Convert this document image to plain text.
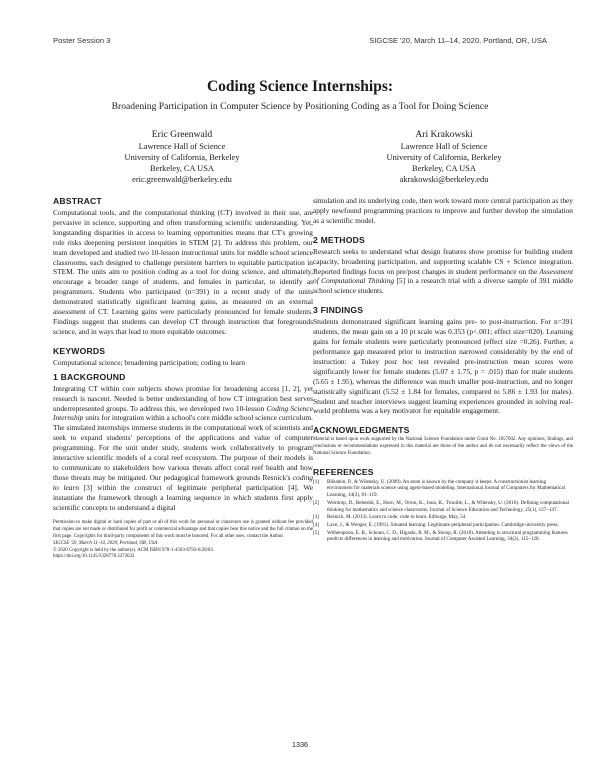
Poster Session 3	SIGCSE '20, March 11–14, 2020, Portland, OR, USA
Coding Science Internships:
Broadening Participation in Computer Science by Positioning Coding as a Tool for Doing Science
Eric Greenwald
Lawrence Hall of Science
University of California, Berkeley
Berkeley, CA USA
eric.greenwald@berkeley.edu
Ari Krakowski
Lawrence Hall of Science
University of California, Berkeley
Berkeley, CA USA
akrakowski@berkeley.edu
ABSTRACT

Computational tools, and the computational thinking (CT) involved in their use, are pervasive in science, supporting and often transforming scientific understanding. Yet, longstanding disparities in access to learning opportunities means that CT's growing role risks deepening persistent inequities in STEM [2]. To address this problem, our team developed and studied two 10-lesson instructional units for middle school science classrooms, each designed to challenge persistent barriers to equitable participation in STEM. The units aim to position coding as a tool for doing science, and ultimately, encourage a broader range of students, and females in particular, to identify as programmers. Students who participated (n=391) in a recent study of the units demonstrated statistically significant learning gains, as measured on an external assessment of CT. Learning gains were particularly pronounced for female students. Findings suggest that students can develop CT through instruction that foregrounds science, and in ways that lead to more equitable outcomes.

KEYWORDS

Computational science; broadening participation; coding to learn

1 BACKGROUND

Integrating CT within core subjects shows promise for broadening access [1, 2], yet research is nascent. Needed is better understanding of how CT integration best serves underrepresented groups. To address this, we developed two 10-lesson Coding Science Internship units for integration within a school's core middle school science curriculum. The simulated internships immerse students in the computational work of scientists and seek to expand students' perceptions of the applications and value of computer programming. For the unit under study, students work collaboratively to program interactive scientific models of a coral reef ecosystem. The purpose of their models is to communicate to stakeholders how various threats affect coral reef health and how those threats may be mitigated. Our pedagogical framework grounds Resnick's coding to learn [3] within the construct of legitimate peripheral participation [4]. We instantiate the framework through a learning sequence in which students first apply scientific concepts to understand a digital

Permission to make digital or hard copies of part or all of this work for personal or classroom use is granted without fee provided that copies are not made or distributed for profit or commercial advantage and that copies bear this notice and the full citation on the first page. Copyrights for third-party components of this work must be honored. For all other uses, contact the Author.

SIGCSE '20, March 11–14, 2020, Portland, OR, USA

© 2020 Copyright is held by the author(s). ACM ISBN 978-1-4503-6793-6/20/03.

https://doi.org/10.1145/3328778.3372632

simulation and its underlying code, then work toward more central participation as they apply newfound programming practices to improve and further develop the simulation as a scientific model.

2 METHODS

Research seeks to understand what design features show promise for building student capacity, broadening participation, and supporting scalable CS + Science integration. Reported findings focus on pre/post changes in student performance on the Assessment of Computational Thinking [5] in a research trial with a diverse sample of 391 middle school science students.

3 FINDINGS

Students demonstrated significant learning gains pre- to post-instruction. For n=391 students, the mean gain on a 10 pt scale was 0.353 (p<.001; effect size=020). Learning gains for female students were particularly pronounced (effect size =0.26). Further, a performance gap measured prior to instruction narrowed considerably by the end of instruction: a Tukey post hoc test revealed pre-instruction mean scores were significantly lower for female students (5.07 ± 1.75, p = .015) than for male students (5.65 ± 1.95), whereas the difference was much smaller post-instruction, and no longer statistically significant (5.52 ± 1.84 for females, compared to 5.86 ± 1.93 for males). Student and teacher interviews suggest learning experiences grounded in solving real-world problems was a key motivator for equitable engagement.

ACKNOWLEDGMENTS

Material is based upon work supported by the National Science Foundation under Grant No. 1657002. Any opinions, findings, and conclusions or recommendations expressed in this material are those of the author and do not necessarily reflect the views of the National Science Foundation.

REFERENCES
[1]	Blikstein, P., & Wilensky, U. (2009). An atom is known by the company it keeps: A constructionist learning environment for materials science using agent-based modeling. International Journal of Computers for Mathematical Learning, 14(2), 81–119.
[2]	Weintrop, D., Beheshti, E., Horn, M., Orton, K., Jona, K., Trouille, L., & Wilensky, U. (2016). Defining computational thinking for mathematics and science classrooms. Journal of Science Education and Technology, 25(1), 127–147.
[3]	Resnick, M. (2013). Learn to code, code to learn. EdSurge, May, 54.
[4]	Lave, J., & Wenger, E. (1991). Situated learning: Legitimate peripheral participation. Cambridge university press.
[5]	Witherspoon, E. B., Schunn, C. D., Higashi, R. M., & Shoop, R. (2018). Attending to structural programming features predicts differences in learning and motivation. Journal of Computer Assisted Learning, 34(2), 115–128.
1336
